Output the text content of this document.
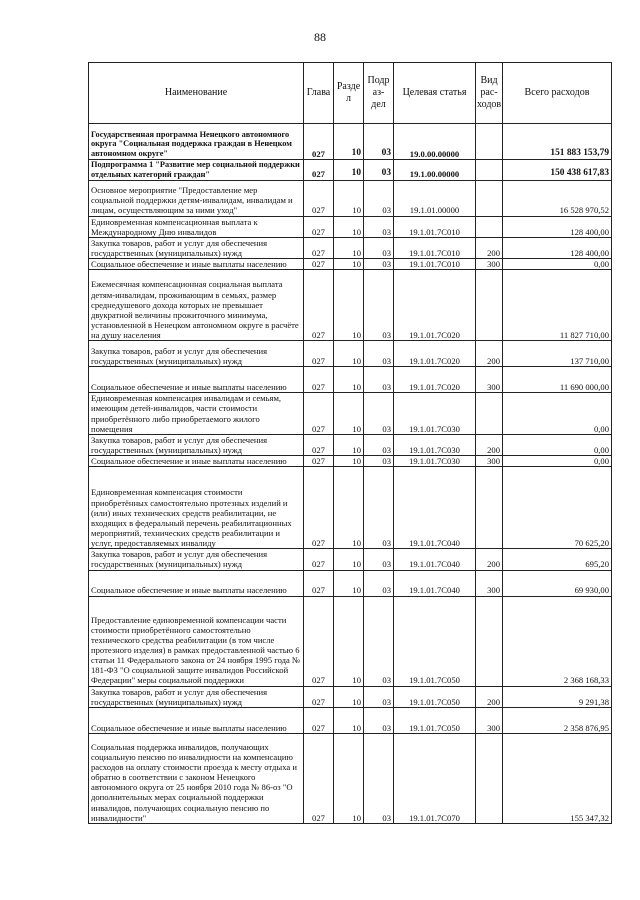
88
Наименование	Глава	Разде л	Подр аз- дел	Целевая статья	Вид рас- ходов	Всего расходов
Государственная программа Ненецкого автономного округа "Социальная поддержка граждан в Ненецком автономном округе"	027	10	03	19.0.00.00000		151 883 153,79
Подпрограмма 1 "Развитие мер социальной поддержки отдельных категорий граждан"	027	10	03	19.1.00.00000		150 438 617,83
Основное мероприятие "Предоставление мер социальной поддержки детям-инвалидам, инвалидам и лицам, осуществляющим за ними уход"	027	10	03	19.1.01.00000		16 528 970,52
Единовременная компенсационная выплата к Международному Дню инвалидов	027	10	03	19.1.01.7С010		128 400,00
Закупка товаров, работ и услуг для обеспечения государственных (муниципальных) нужд	027	10	03	19.1.01.7С010	200	128 400,00
Социальное обеспечение и иные выплаты населению	027	10	03	19.1.01.7С010	300	0,00
Ежемесячная компенсационная социальная выплата детям-инвалидам, проживающим в семьях, размер среднедушевого дохода которых не превышает двукратной величины прожиточного минимума, установленной в Ненецком автономном округе в расчёте на душу населения	027	10	03	19.1.01.7С020		11 827 710,00
Закупка товаров, работ и услуг для обеспечения государственных (муниципальных) нужд	027	10	03	19.1.01.7С020	200	137 710,00
Социальное обеспечение и иные выплаты населению	027	10	03	19.1.01.7С020	300	11 690 000,00
Единовременная компенсация инвалидам и семьям, имеющим детей-инвалидов, части стоимости приобретённого либо приобретаемого жилого помещения	027	10	03	19.1.01.7С030		0,00
Закупка товаров, работ и услуг для обеспечения государственных (муниципальных) нужд	027	10	03	19.1.01.7С030	200	0,00
Социальное обеспечение и иные выплаты населению	027	10	03	19.1.01.7С030	300	0,00
Единовременная компенсация стоимости приобретённых самостоятельно протезных изделий и (или) иных технических средств реабилитации, не входящих в федеральный перечень реабилитационных мероприятий, технических средств реабилитации и услуг, предоставляемых инвалиду	027	10	03	19.1.01.7С040		70 625,20
Закупка товаров, работ и услуг для обеспечения государственных (муниципальных) нужд	027	10	03	19.1.01.7С040	200	695,20
Социальное обеспечение и иные выплаты населению	027	10	03	19.1.01.7С040	300	69 930,00
Предоставление единовременной компенсации части стоимости приобретённого самостоятельно технического средства реабилитации (в том числе протезного изделия) в рамках предоставленной частью 6 статьи 11 Федерального закона от 24 ноября 1995 года № 181-ФЗ "О социальной защите инвалидов Российской Федерации" меры социальной поддержки	027	10	03	19.1.01.7С050		2 368 168,33
Закупка товаров, работ и услуг для обеспечения государственных (муниципальных) нужд	027	10	03	19.1.01.7С050	200	9 291,38
Социальное обеспечение и иные выплаты населению	027	10	03	19.1.01.7С050	300	2 358 876,95
Социальная поддержка инвалидов, получающих социальную пенсию по инвалидности на компенсацию расходов на оплату стоимости проезда к месту отдыха и обратно в соответствии с законом Ненецкого автономного округа от 25 ноября 2010 года № 86-оз "О дополнительных мерах социальной поддержки инвалидов, получающих социальную пенсию по инвалидности"	027	10	03	19.1.01.7С070		155 347,32
